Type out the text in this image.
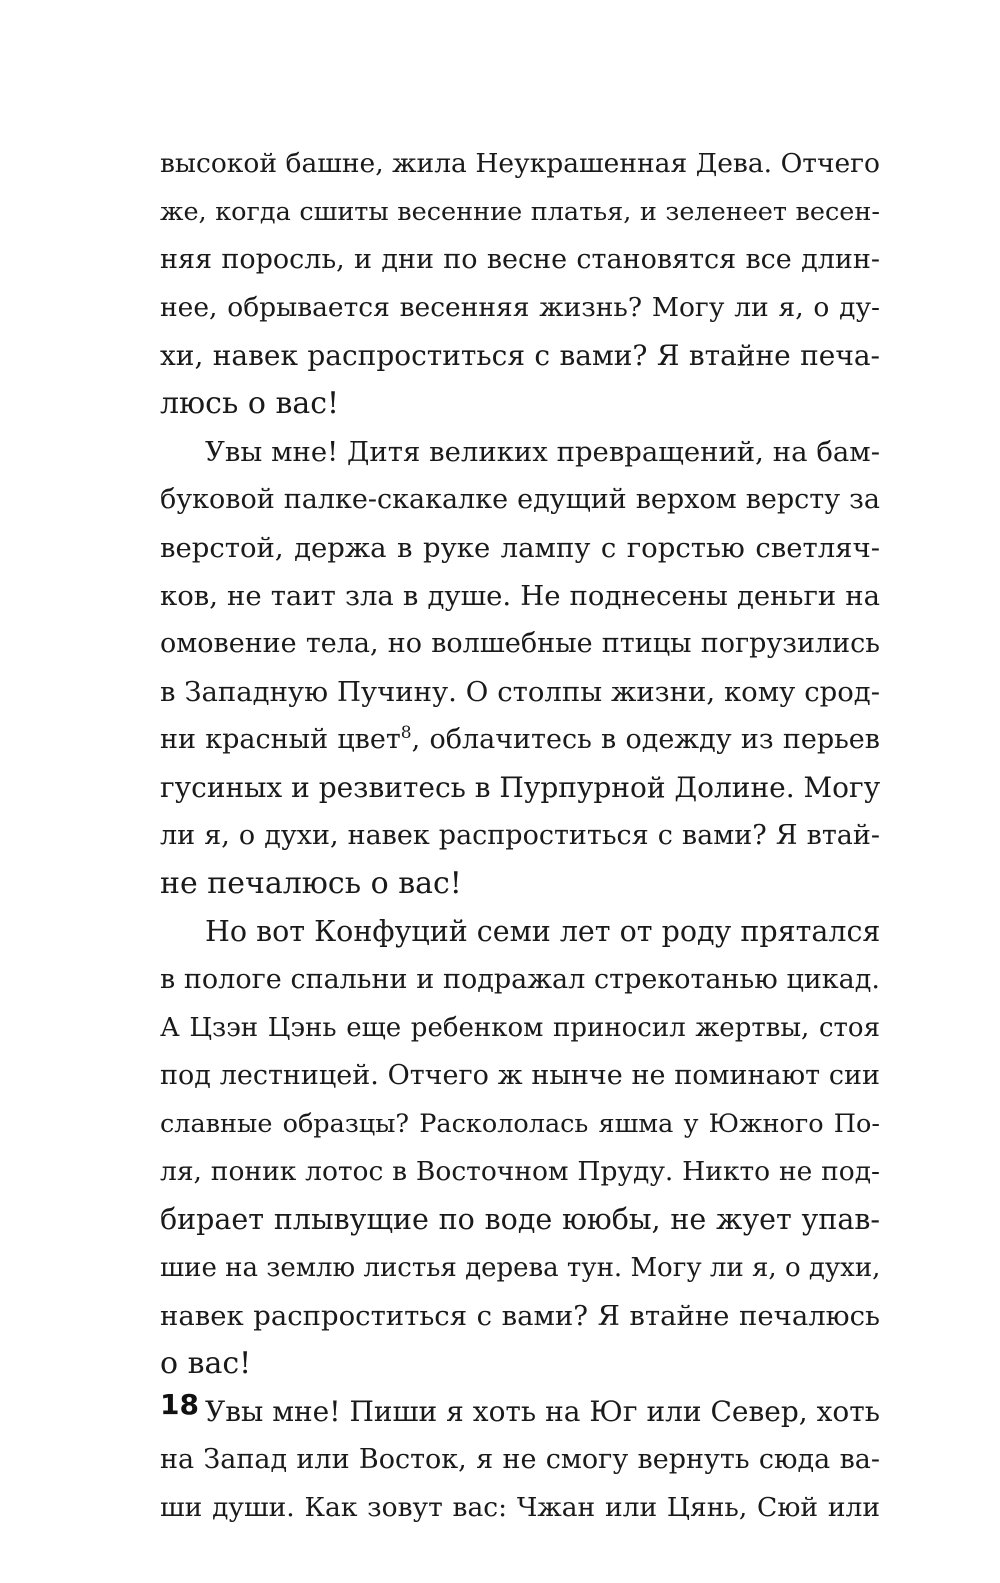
высокой башне, жила Неукрашенная Дева. Отчего
же, когда сшиты весенние платья, и зеленеет весен-
няя поросль, и дни по весне становятся все длин-
нее, обрывается весенняя жизнь? Могу ли я, о ду-
хи, навек распроститься с вами? Я втайне печа-
люсь о вас!
Увы мне! Дитя великих превращений, на бам-
буковой палке-скакалке едущий верхом версту за
верстой, держа в руке лампу с горстью светляч-
ков, не таит зла в душе. Не поднесены деньги на
омовение тела, но волшебные птицы погрузились
в Западную Пучину. О столпы жизни, кому срод-
ни красный цвет$^8$, облачитесь в одежду из перьев
гусиных и резвитесь в Пурпурной Долине. Могу
ли я, о духи, навек распроститься с вами? Я втай-
не печалюсь о вас!
Но вот Конфуций семи лет от роду прятался
в пологе спальни и подражал стрекотанью цикад.
А Цзэн Цэнь еще ребенком приносил жертвы, стоя
под лестницей. Отчего ж нынче не поминают сии
славные образцы? Раскололась яшма у Южного По-
ля, поник лотос в Восточном Пруду. Никто не под-
бирает плывущие по воде ююбы, не жует упав-
шие на землю листья дерева тун. Могу ли я, о духи,
навек распроститься с вами? Я втайне печалюсь
о вас!
Увы мне! Пиши я хоть на Юг или Север, хоть
на Запад или Восток, я не смогу вернуть сюда ва-
ши души. Как зовут вас: Чжан или Цянь, Сюй или
18
